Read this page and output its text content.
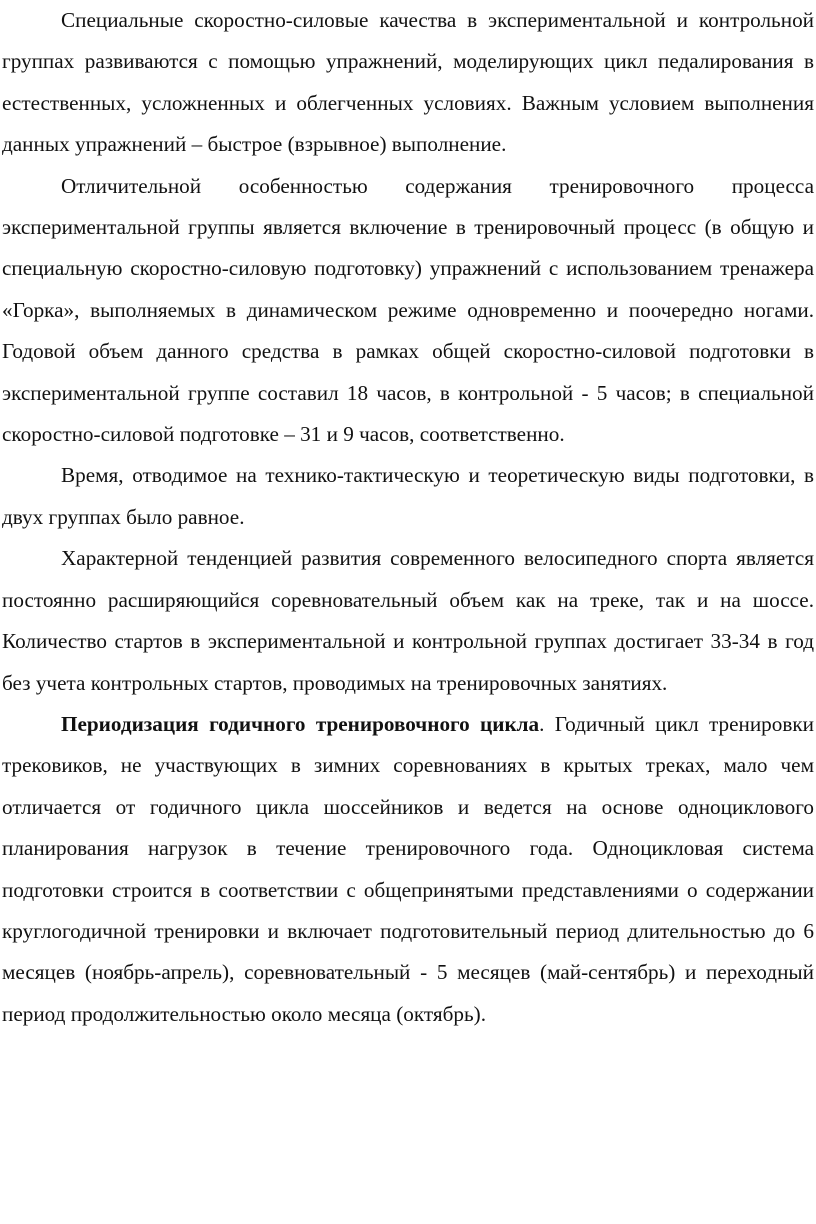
Специальные скоростно-силовые качества в экспериментальной и контрольной группах развиваются с помощью упражнений, моделирующих цикл педалирования в естественных, усложненных и облегченных условиях. Важным условием выполнения данных упражнений – быстрое (взрывное) выполнение.

Отличительной особенностью содержания тренировочного процесса экспериментальной группы является включение в тренировочный процесс (в общую и специальную скоростно-силовую подготовку) упражнений с использованием тренажера «Горка», выполняемых в динамическом режиме одновременно и поочередно ногами. Годовой объем данного средства в рамках общей скоростно-силовой подготовки в экспериментальной группе составил 18 часов, в контрольной - 5 часов; в специальной скоростно-силовой подготовке – 31 и 9 часов, соответственно.

Время, отводимое на технико-тактическую и теоретическую виды подготовки, в двух группах было равное.

Характерной тенденцией развития современного велосипедного спорта является постоянно расширяющийся соревновательный объем как на треке, так и на шоссе. Количество стартов в экспериментальной и контрольной группах достигает 33-34 в год без учета контрольных стартов, проводимых на тренировочных занятиях.

Периодизация годичного тренировочного цикла. Годичный цикл тренировки трековиков, не участвующих в зимних соревнованиях в крытых треках, мало чем отличается от годичного цикла шоссейников и ведется на основе одноциклового планирования нагрузок в течение тренировочного года. Одноцикловая система подготовки строится в соответствии с общепринятыми представлениями о содержании круглогодичной тренировки и включает подготовительный период длительностью до 6 месяцев (ноябрь-апрель), соревновательный - 5 месяцев (май-сентябрь) и переходный период продолжительностью около месяца (октябрь).
